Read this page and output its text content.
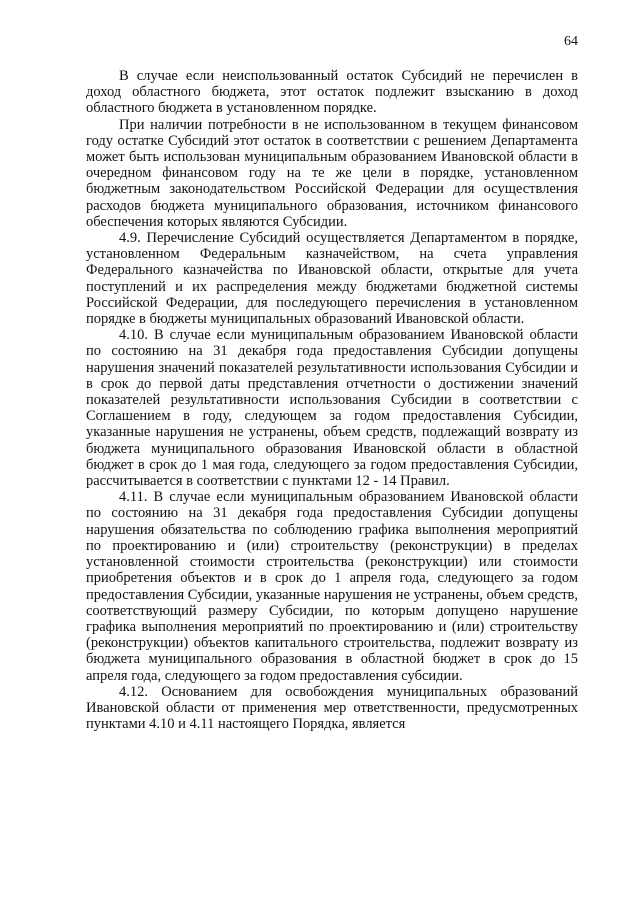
64

В случае если неиспользованный остаток Субсидий не перечислен в доход областного бюджета, этот остаток подлежит взысканию в доход областного бюджета в установленном порядке.

При наличии потребности в не использованном в текущем финансовом году остатке Субсидий этот остаток в соответствии с решением Департамента может быть использован муниципальным образованием Ивановской области в очередном финансовом году на те же цели в порядке, установленном бюджетным законодательством Российской Федерации для осуществления расходов бюджета муниципального образования, источником финансового обеспечения которых являются Субсидии.

4.9. Перечисление Субсидий осуществляется Департаментом в порядке, установленном Федеральным казначейством, на счета управления Федерального казначейства по Ивановской области, открытые для учета поступлений и их распределения между бюджетами бюджетной системы Российской Федерации, для последующего перечисления в установленном порядке в бюджеты муниципальных образований Ивановской области.

4.10. В случае если муниципальным образованием Ивановской области по состоянию на 31 декабря года предоставления Субсидии допущены нарушения значений показателей результативности использования Субсидии и в срок до первой даты представления отчетности о достижении значений показателей результативности использования Субсидии в соответствии с Соглашением в году, следующем за годом предоставления Субсидии, указанные нарушения не устранены, объем средств, подлежащий возврату из бюджета муниципального образования Ивановской области в областной бюджет в срок до 1 мая года, следующего за годом предоставления Субсидии, рассчитывается в соответствии с пунктами 12 - 14 Правил.

4.11. В случае если муниципальным образованием Ивановской области по состоянию на 31 декабря года предоставления Субсидии допущены нарушения обязательства по соблюдению графика выполнения мероприятий по проектированию и (или) строительству (реконструкции) в пределах установленной стоимости строительства (реконструкции) или стоимости приобретения объектов и в срок до 1 апреля года, следующего за годом предоставления Субсидии, указанные нарушения не устранены, объем средств, соответствующий размеру Субсидии, по которым допущено нарушение графика выполнения мероприятий по проектированию и (или) строительству (реконструкции) объектов капитального строительства, подлежит возврату из бюджета муниципального образования в областной бюджет в срок до 15 апреля года, следующего за годом предоставления субсидии.

4.12. Основанием для освобождения муниципальных образований Ивановской области от применения мер ответственности, предусмотренных пунктами 4.10 и 4.11 настоящего Порядка, является
